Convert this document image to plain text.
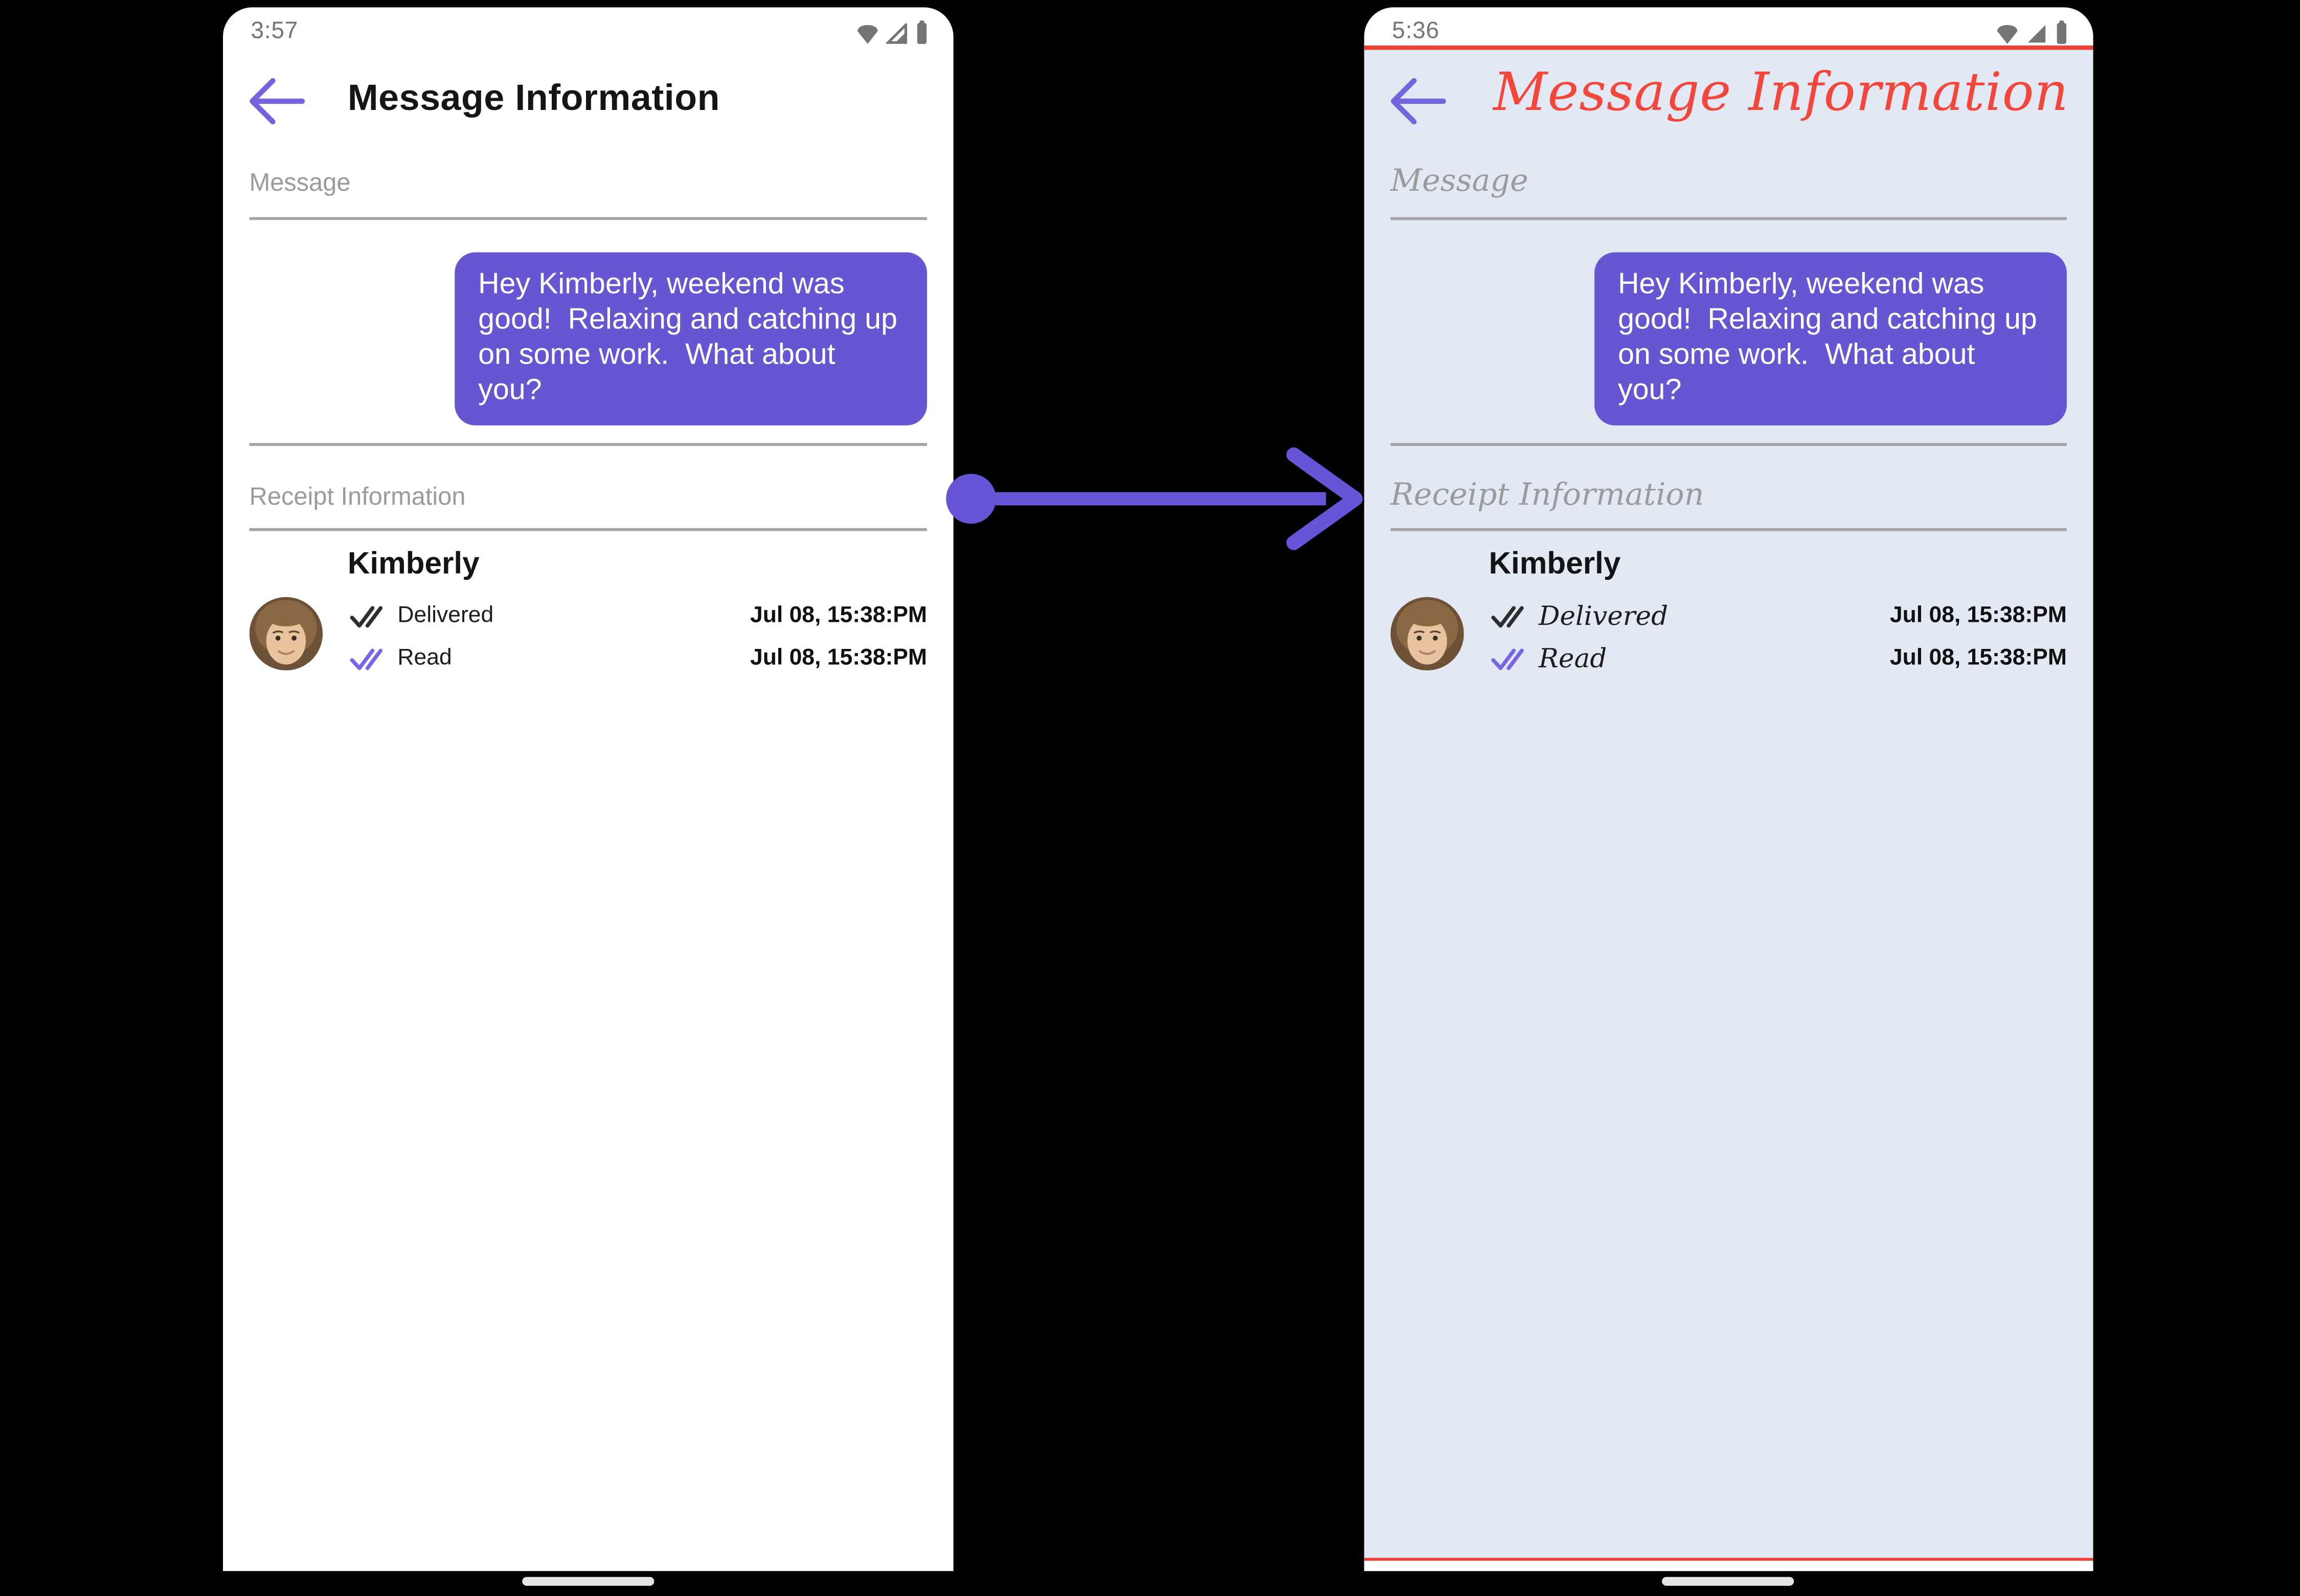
3:57
Message Information
Message
Hey Kimberly, weekend was good!  Relaxing and catching up on some work.  What about you?
Receipt Information
Kimberly
Delivered	Jul 08, 15:38:PM
Read	Jul 08, 15:38:PM
5:36
Message Information
Message
Hey Kimberly, weekend was good!  Relaxing and catching up on some work.  What about you?
Receipt Information
Kimberly
Delivered	Jul 08, 15:38:PM
Read	Jul 08, 15:38:PM
